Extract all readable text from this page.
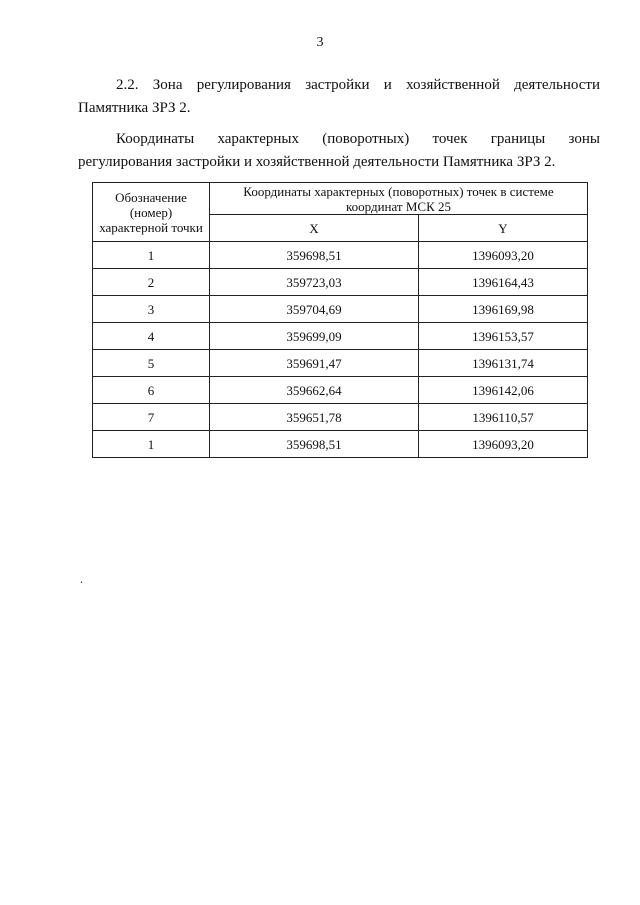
3

2.2. Зона регулирования застройки и хозяйственной деятельности Памятника ЗРЗ 2.

Координаты характерных (поворотных) точек границы зоны регулирования застройки и хозяйственной деятельности Памятника ЗРЗ 2.

Обозначение (номер) характерной точки	Координаты характерных (поворотных) точек в системе координат МСК 25	
	X	Y
1	359698,51	1396093,20
2	359723,03	1396164,43
3	359704,69	1396169,98
4	359699,09	1396153,57
5	359691,47	1396131,74
6	359662,64	1396142,06
7	359651,78	1396110,57
1	359698,51	1396093,20
.
